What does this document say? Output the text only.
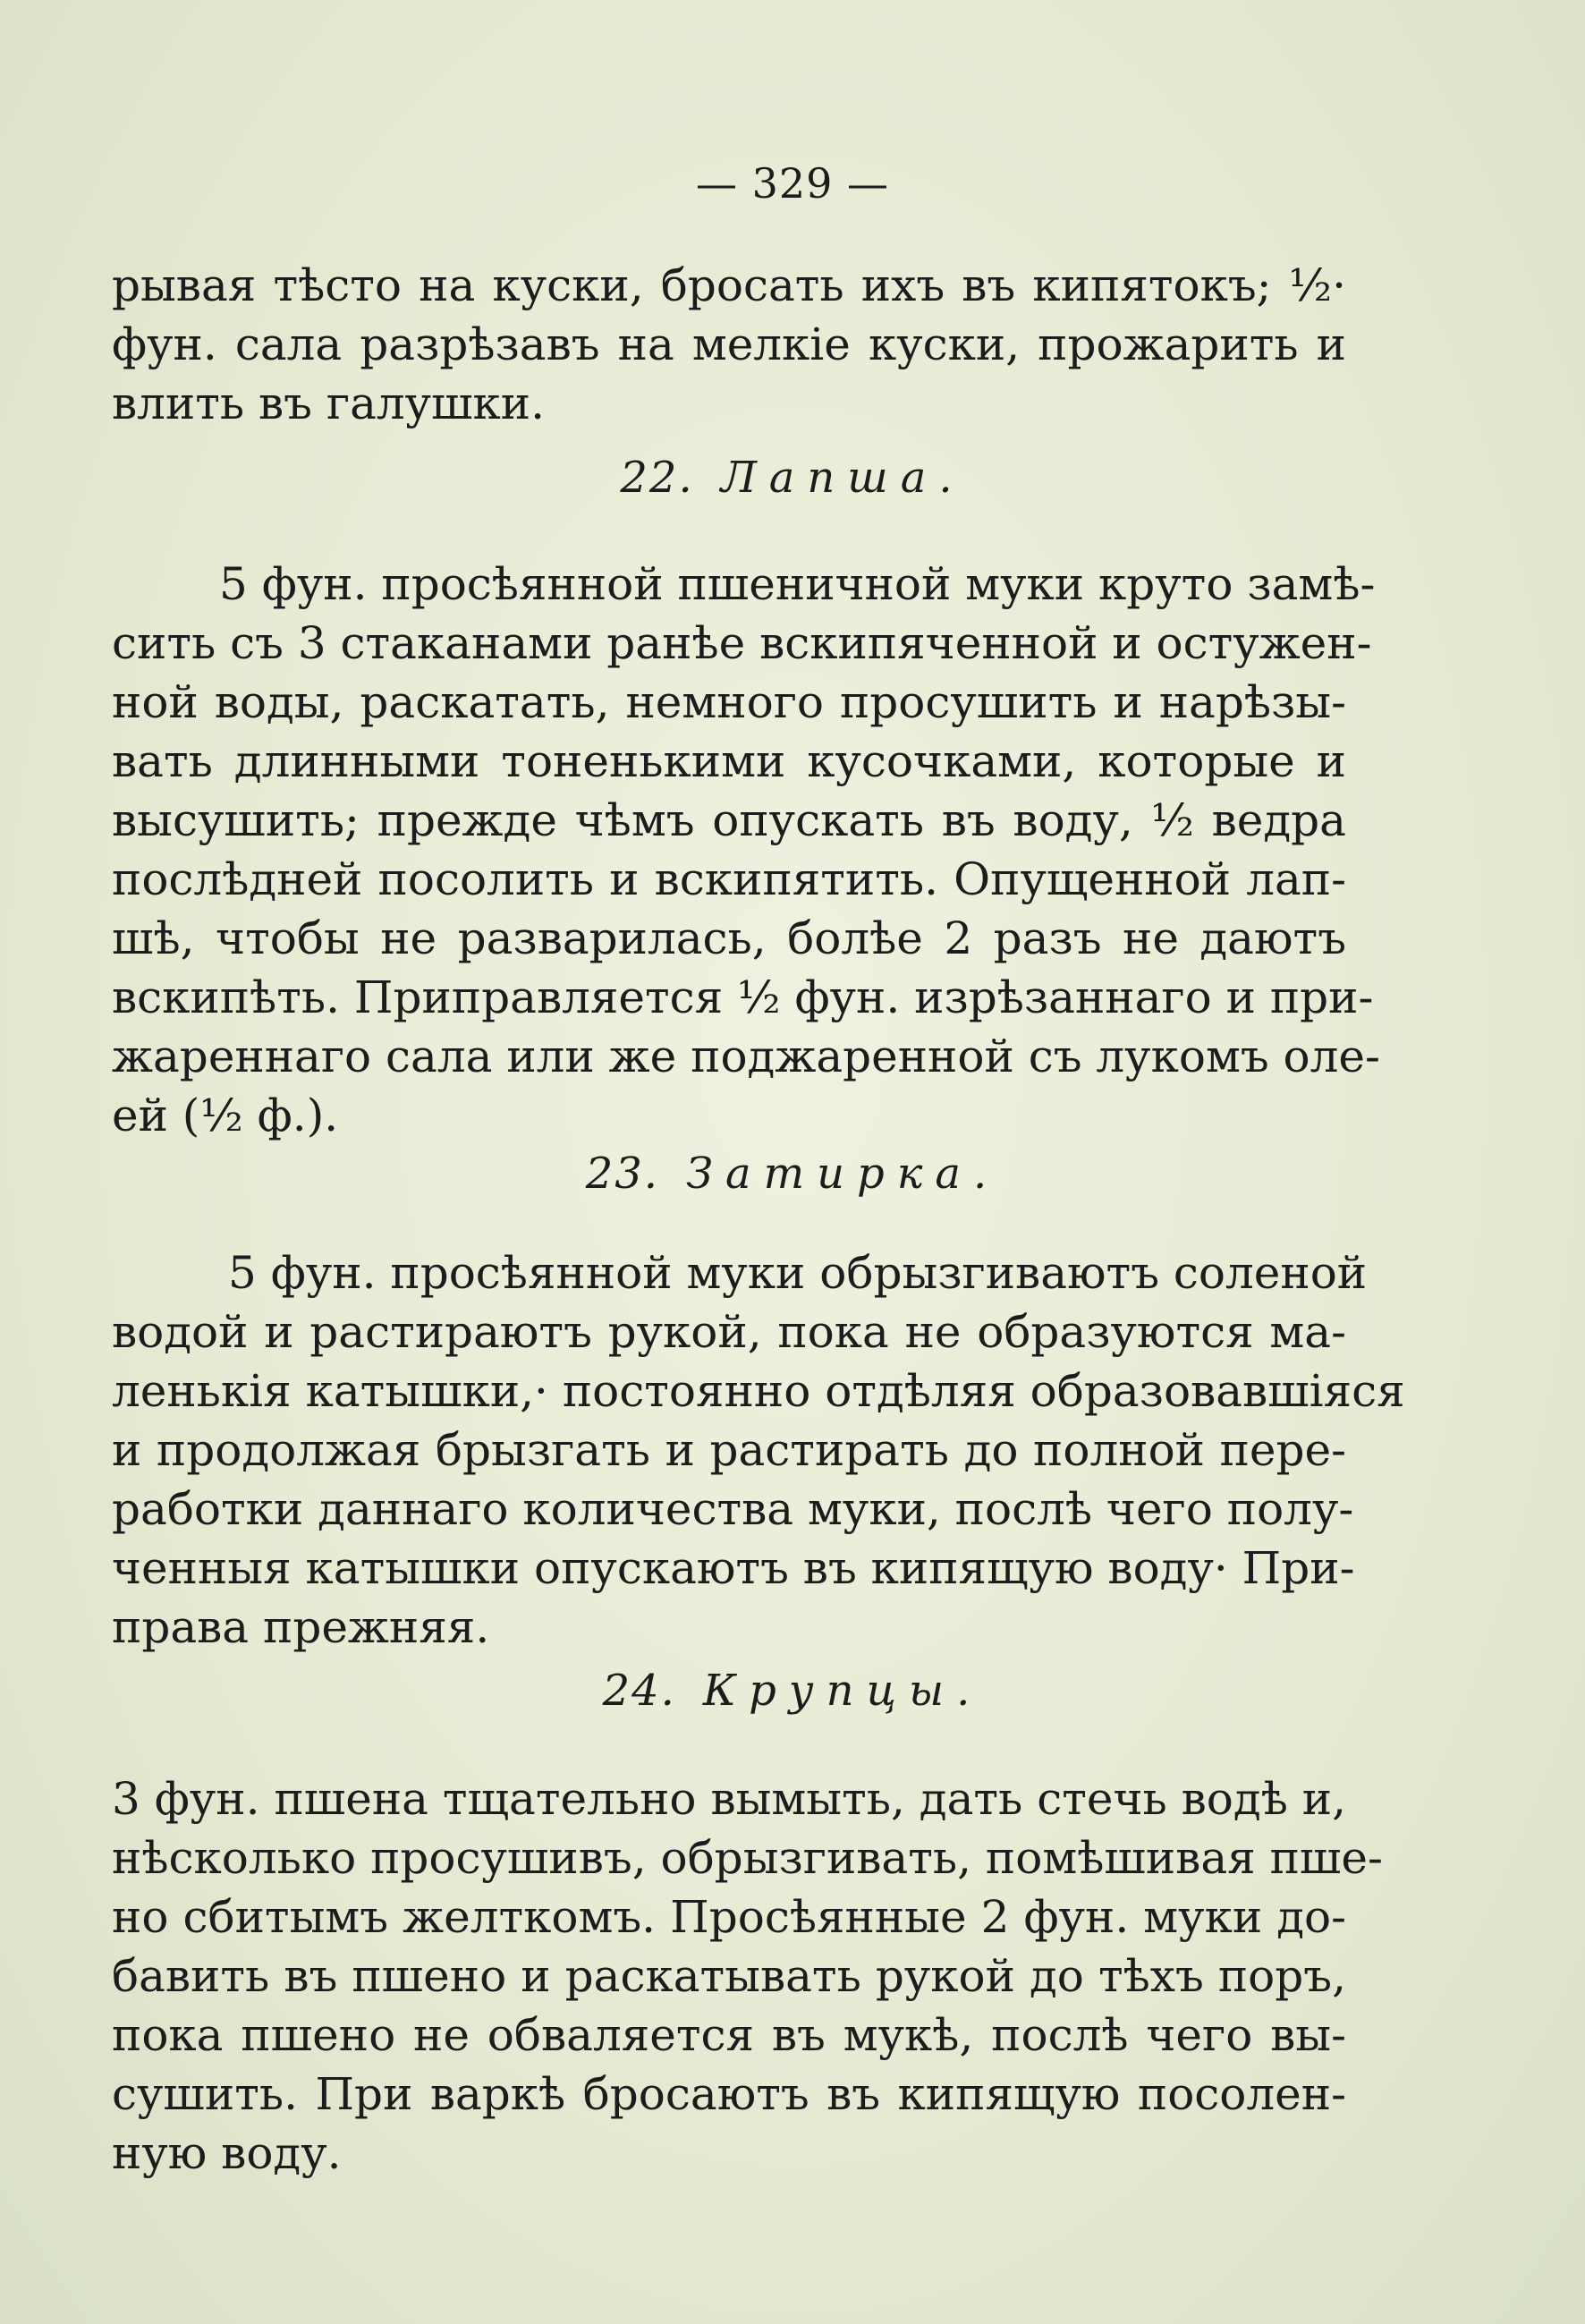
— 329 —
рывая тѣсто на куски, бросать ихъ въ кипятокъ; ½·
фун. сала разрѣзавъ на мелкіе куски, прожарить и
влить въ галушки.
22. Лапша.
5 фун. просѣянной пшеничной муки круто замѣ-
сить съ 3 стаканами ранѣе вскипяченной и остужен-
ной воды, раскатать, немного просушить и нарѣзы-
вать длинными тоненькими кусочками, которые и
высушить; прежде чѣмъ опускать въ воду, ½ ведра
послѣдней посолить и вскипятить. Опущенной лап-
шѣ, чтобы не разварилась, болѣе 2 разъ не даютъ
вскипѣть. Приправляется ½ фун. изрѣзаннаго и при-
жареннаго сала или же поджаренной съ лукомъ оле-
ей (½ ф.).
23. Затирка.
5 фун. просѣянной муки обрызгиваютъ соленой
водой и растираютъ рукой, пока не образуются ма-
ленькія катышки,· постоянно отдѣляя образовавшіяся
и продолжая брызгать и растирать до полной пере-
работки даннаго количества муки, послѣ чего полу-
ченныя катышки опускаютъ въ кипящую воду· При-
права прежняя.
24. Крупцы.
3 фун. пшена тщательно вымыть, дать стечь водѣ и,
нѣсколько просушивъ, обрызгивать, помѣшивая пше-
но сбитымъ желткомъ. Просѣянные 2 фун. муки до-
бавить въ пшено и раскатывать рукой до тѣхъ поръ,
пока пшено не обваляется въ мукѣ, послѣ чего вы-
сушить. При варкѣ бросаютъ въ кипящую посолен-
ную воду.
